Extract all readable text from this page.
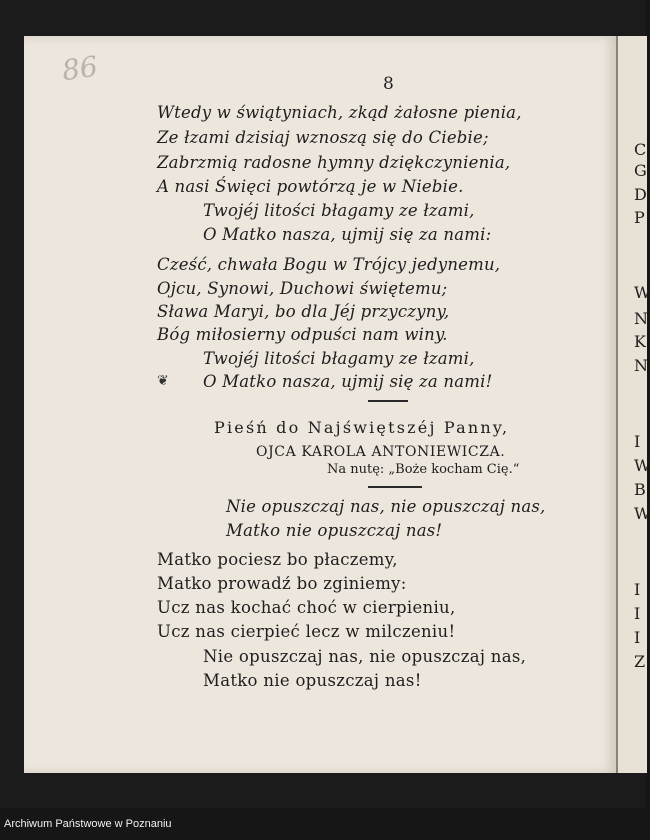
C
G
D
P
W
N
K
N
I
W
B
W
I
I
I
Z
86	8
Wtedy w świątyniach, zkąd żałosne pienia,
Ze łzami dzisiaj wznoszą się do Ciebie;
Zabrzmią radosne hymny dziękczynienia,
A nasi Święci powtórzą je w Niebie.
Twojéj litości błagamy ze łzami,
O Matko nasza, ujmij się za nami:
Cześć, chwała Bogu w Trójcy jedynemu,
Ojcu, Synowi, Duchowi świętemu;
Sława Maryi, bo dla Jéj przyczyny,
Bóg miłosierny odpuści nam winy.
Twojéj litości błagamy ze łzami,
O Matko nasza, ujmij się za nami!
❦
Pieśń do Najświętszéj Panny,
OJCA KAROLA ANTONIEWICZA.
Na nutę: „Boże kocham Cię.“
Nie opuszczaj nas, nie opuszczaj nas,
Matko nie opuszczaj nas!
Matko pociesz bo płaczemy,
Matko prowadź bo zginiemy:
Ucz nas kochać choć w cierpieniu,
Ucz nas cierpieć lecz w milczeniu!
Nie opuszczaj nas, nie opuszczaj nas,
Matko nie opuszczaj nas!
Archiwum Państwowe w Poznaniu
